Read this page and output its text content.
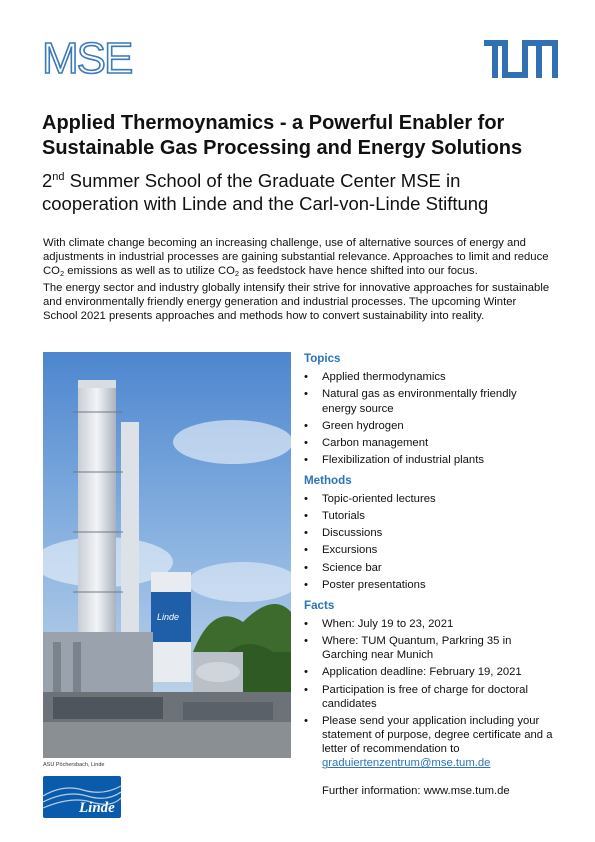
MSE
Applied Thermoynamics - a Powerful Enabler for Sustainable Gas Processing and Energy Solutions
2nd Summer School of the Graduate Center MSE in cooperation with Linde and the Carl-von-Linde Stiftung

With climate change becoming an increasing challenge, use of alternative sources of energy and adjustments in industrial processes are gaining substantial relevance. Approaches to limit and reduce $CO_2$ emissions as well as to utilize $CO_2$ as feedstock have hence shifted into our focus.

The energy sector and industry globally intensify their strive for innovative approaches for sustainable and environmentally friendly energy generation and industrial processes. The upcoming Winter School 2021 presents approaches and methods how to convert sustainability into reality.

Linde
ASU Pöchersbach, Linde
Linde
Topics
• Applied thermodynamics
• Natural gas as environmentally friendly energy source
• Green hydrogen
• Carbon management
• Flexibilization of industrial plants
Methods
• Topic-oriented lectures
• Tutorials
• Discussions
• Excursions
• Science bar
• Poster presentations
Facts
• When: July 19 to 23, 2021
• Where: TUM Quantum, Parkring 35 in Garching near Munich
• Application deadline: February 19, 2021
• Participation is free of charge for doctoral candidates
• Please send your application including your statement of purpose, degree certificate and a letter of recommendation to graduiertenzentrum@mse.tum.de
Further information: www.mse.tum.de
